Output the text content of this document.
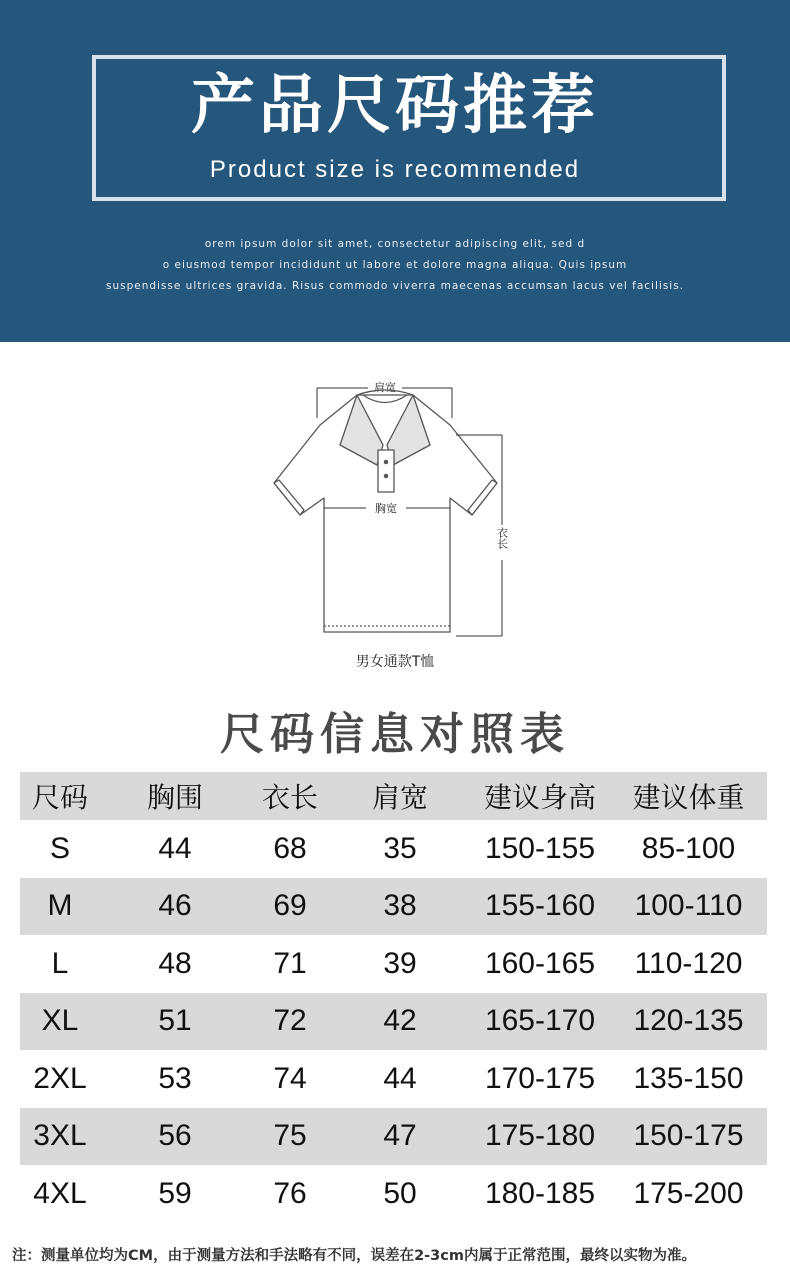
产品尺码推荐
Product size is recommended
orem ipsum dolor sit amet, consectetur adipiscing elit, sed d
o eiusmod tempor incididunt ut labore et dolore magna aliqua. Quis ipsum
suspendisse ultrices gravida. Risus commodo viverra maecenas accumsan lacus vel facilisis.
肩宽
胸宽
衣长
男女通款T恤
尺码信息对照表
尺码	胸围	衣长	肩宽	建议身高	建议体重
S	44	68	35	150-155	85-100
M	46	69	38	155-160	100-110
L	48	71	39	160-165	110-120
XL	51	72	42	165-170	120-135
2XL	53	74	44	170-175	135-150
3XL	56	75	47	175-180	150-175
4XL	59	76	50	180-185	175-200
注：测量单位均为CM，由于测量方法和手法略有不同，误差在2-3cm内属于正常范围，最终以实物为准。
